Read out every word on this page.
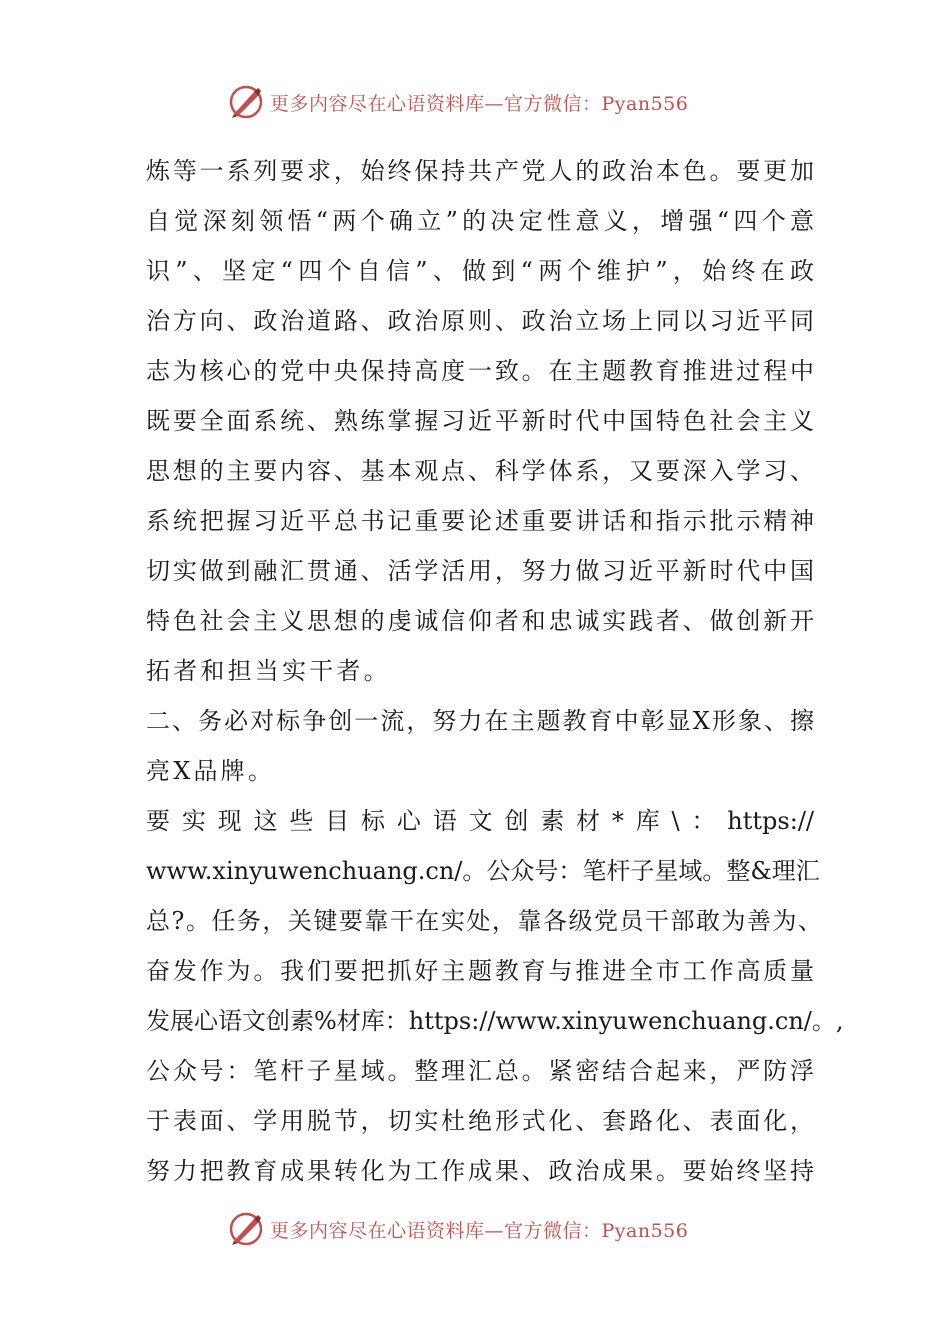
更多内容尽在心语资料库—官方微信：Pyan556
炼等一系列要求，始终保持共产党人的政治本色。要更加
自觉深刻领悟“两个确立”的决定性意义，增强“四个意
识”、坚定“四个自信”、做到“两个维护”，始终在政
治方向、政治道路、政治原则、政治立场上同以习近平同
志为核心的党中央保持高度一致。在主题教育推进过程中
既要全面系统、熟练掌握习近平新时代中国特色社会主义
思想的主要内容、基本观点、科学体系，又要深入学习、
系统把握习近平总书记重要论述重要讲话和指示批示精神
切实做到融汇贯通、活学活用，努力做习近平新时代中国
特色社会主义思想的虔诚信仰者和忠诚实践者、做创新开
拓者和担当实干者。
二、务必对标争创一流，努力在主题教育中彰显X形象、擦
亮X品牌。
要实现这些目标心语文创素材*库\：https://
www.xinyuwenchuang.cn/。公众号：笔杆子星域。整&理汇
总?。任务，关键要靠干在实处，靠各级党员干部敢为善为、
奋发作为。我们要把抓好主题教育与推进全市工作高质量
发展心语文创素%材库：https://www.xinyuwenchuang.cn/。,
公众号：笔杆子星域。整理汇总。紧密结合起来，严防浮
于表面、学用脱节，切实杜绝形式化、套路化、表面化，
努力把教育成果转化为工作成果、政治成果。要始终坚持
更多内容尽在心语资料库—官方微信：Pyan556
